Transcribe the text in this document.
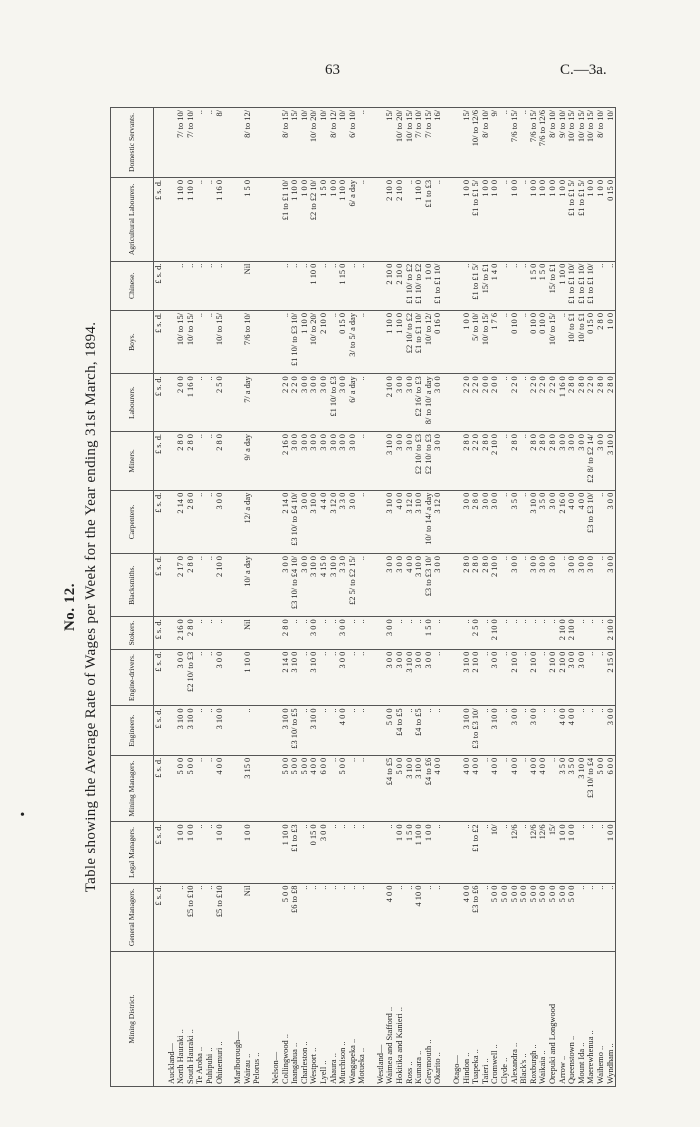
63	C.—3a.
•
No. 12. Table showing the Average Rate of Wages per Week for the Year ending 31st March, 1894.
Mining District.	General Managers.	Legal Managers.	Mining Managers.	Engineers.	Engine-drivers.	Stokers.	Blacksmiths.	Carpenters.	Miners.	Labourers.	Boys.	Chinese.	Agricultural Labourers.	Domestic Servants.
	£ s. d.	£ s. d.	£ s. d.	£ s. d.	£ s. d.	£ s. d.	£ s. d.	£ s. d.	£ s. d.	£ s. d.	£ s. d.	£ s. d.	£ s. d.	
Auckland—														
North Hauraki ..	..	1 0 0	5 0 0	3 10 0	3 0 0	2 16 0	2 17 0	2 14 0	2 8 0	2 0 0	10/ to 15/	..	1 10 0	7/ to 10/
South Hauraki ..	£5 to £10	1 0 0	5 0 0	3 10 0	£2 10/ to £3	2 8 0	2 8 0	2 8 0	2 8 0	1 16 0	10/ to 15/	..	1 10 0	7/ to 10/
Te Aroha ..	..	..	..	..	..	..	..	..	..	..	..	..	..	..
Puhipuhi ..	..	..	..	..	..	..	..	..	..	..	..	..	..	..
Ohinemuri ..	£5 to £10	1 0 0	4 0 0	3 10 0	3 0 0	..	2 10 0	3 0 0	2 8 0	2 5 0	10/ to 15/	..	1 16 0	8/

Marlborough—														
Wairau ..	Nil	1 0 0	3 15 0	..	1 10 0	Nil	10/ a day	12/ a day	9/ a day	7/ a day	7/6 to 10/	Nil	1 5 0	8/ to 12/
Pelorus ..														

Nelson—														
Collingwood ..	5 0 0	1 10 0	5 0 0	3 10 0	2 14 0	2 8 0	3 0 0	2 14 0	2 16 0	2 2 0	..	..	£1 to £1 10/	8/ to 15/
Inangahua ..	£6 to £8	£1 to £3	5 0 0	£3 10/ to £5	3 10 0	..	£3 10/ to £4 10/	£3 10/ to £4 10/	3 0 0	2 2 0	£1 10/ to £3 10/	..	1 10 0	15/
Charleston ..	..	..	5 0 0	..	..	..	3 0 0	3 0 0	3 0 0	3 0 0	1 10 0	..	1 0 0	10/
Westport ..	..	0 15 0	4 0 0	3 10 0	3 10 0	3 0 0	3 10 0	3 10 0	3 0 0	3 0 0	10/ to 20/	1 10 0	£2 to £2 10/	10/ to 20/
Lyell ..	..	3 0 0	6 0 0	..	..	..	4 15 0	4 4 0	3 0 0	3 0 0	2 10 0	..	1 5 0	10/
Ahaura ..	..	..	..	..	..	..	3 10 0	3 12 0	3 0 0	£1 10/ to £3	..	..	1 0 0	8/ to 12/
Murchison ..	..	..	5 0 0	4 0 0	3 0 0	3 0 0	3 3 0	3 3 0	3 0 0	3 0 0	0 15 0	1 15 0	1 10 0	10/
Wangapeka ..	..	..	..	..	..	..	£2 5/ to £2 15/	3 0 0	3 0 0	6/ a day	3/ to 5/ a day	..	6/ a day	6/ to 10/
Motueka ..	..	..	..	..	..	..	..	..	..	..	..	..	..	..

Westland—														
Waimea and Stafford ..	4 0 0	..	£4 to £5	5 0 0	3 0 0	3 0 0	3 0 0	3 10 0	3 10 0	2 10 0	1 10 0	2 10 0	2 10 0	15/
Hokitika and Kanieri ..	..	1 0 0	5 0 0	£4 to £5	3 0 0	..	3 0 0	4 0 0	3 0 0	3 0 0	1 10 0	2 10 0	2 10 0	10/ to 20/
Ross ..	..	1 5 0	3 10 0	..	3 10 0	..	4 0 0	3 12 0	3 0 0	3 0 0	£2 10/ to £2	£1 10/ to £2	..	10/ to 15/
Kumara ..	4 10 0	1 10 0	3 10 0	£4 to £5	3 0 0	..	3 10 0	3 10 0	£2 10/ to £3	£2 16/ to £3	£1 to £1 10/	£1 10/ to £2	1 10 0	7/ to 10/
Greymouth ..	..	1 0 0	£4 to £6	..	3 0 0	1 5 0	£3 to £3 10/	10/ to 14/ a day	£2 10/ to £3	8/ to 10/ a day	10/ to 12/	1 0 0	£1 to £3	7/ to 15/
Okarito ..	..	..	4 0 0	..	..	..	3 0 0	3 12 0	3 0 0	3 0 0	0 16 0	£1 to £1 10/	..	16/

Otago—														
Hindon ..	4 0 0	..	4 0 0	3 10 0	3 10 0	..	2 8 0	3 0 0	2 8 0	2 2 0	1 0 0	..	1 0 0	15/
Tuapeka ..	£3 to £6	£1 to £2	4 0 0	£3 to £3 10/	2 10 0	2 5 0	2 8 0	2 8 0	2 2 0	2 2 0	5/ to 10/	£1 to £1 5/	£1 to £1 5/	10/ to 12/6
Taieri ..	..	..	..	..	..	..	2 8 0	3 0 0	2 8 0	2 0 0	10/ to 15/	15/ to £1	1 0 0	8/ to 10/
Cromwell ..	5 0 0	10/	4 0 0	3 10 0	3 0 0	2 10 0	2 10 0	3 0 0	2 10 0	2 0 0	1 7 6	1 4 0	1 0 0	9/
Clyde ..	5 0 0	..	..	..	..	..	..	..	..	..	..	..	..	..
Alexandra ..	5 0 0	12/6	4 0 0	3 0 0	2 10 0	..	3 0 0	3 5 0	2 8 0	2 2 0	0 10 0	..	1 0 0	7/6 to 15/
Black's ..	5 0 0	..	..	..	..	..	..	..	..	..	..	..	..	..
Roxburgh ..	5 0 0	12/6	4 0 0	3 0 0	2 10 0	..	3 0 0	3 10 0	2 8 0	2 2 0	0 10 0	1 5 0	1 0 0	7/6 to 15/
Waikaia ..	5 0 0	12/6	4 0 0	..	..	..	3 0 0	3 5 0	2 8 0	2 2 0	0 10 0	1 5 0	1 0 0	7/6 to 12/6
Orepuki and Longwood	5 0 0	15/	..	..	2 10 0	..	3 0 0	3 0 0	2 8 0	2 2 0	10/ to 15/	15/ to £1	1 0 0	8/ to 10/
Arrow ..	5 0 0	1 0 0	3 5 0	4 0 0	2 10 0	2 10 0	..	2 16 0	3 0 0	1 16 0	..	1 10 0	1 0 0	9/ to 10/
Queenstown ..	5 0 0	1 0 0	3 5 0	4 0 0	3 0 0	2 10 0	3 0 0	4 0 0	3 0 0	2 8 0	10/ to £1	£1 to £1 10/	£1 to £1 5/	10/ to 15/
Mount Ida ..	..	..	3 10 0	..	3 0 0	..	3 0 0	4 0 0	3 0 0	2 8 0	10/ to £1	£1 to £1 10/	£1 to £1 5/	10/ to 15/
Maerewhenua ..	..	..	£3 10/ to £4	..	..	..	3 0 0	£3 to £3 10/	£2 8/ to £2 14/	2 2 0	0 15 0	£1 to £1 10/	1 0 0	10/ to 15/
Waihemo ..	..	..	5 0 0	..	..	..	..	..	3 0 0	2 8 0	2 8 0	..	1 0 0	8/ to 10/
Wyndham ..	..	1 0 0	6 0 0	3 0 0	2 15 0	2 10 0	3 0 0	3 0 0	3 10 0	2 8 0	1 0 0	..	0 15 0	10/
